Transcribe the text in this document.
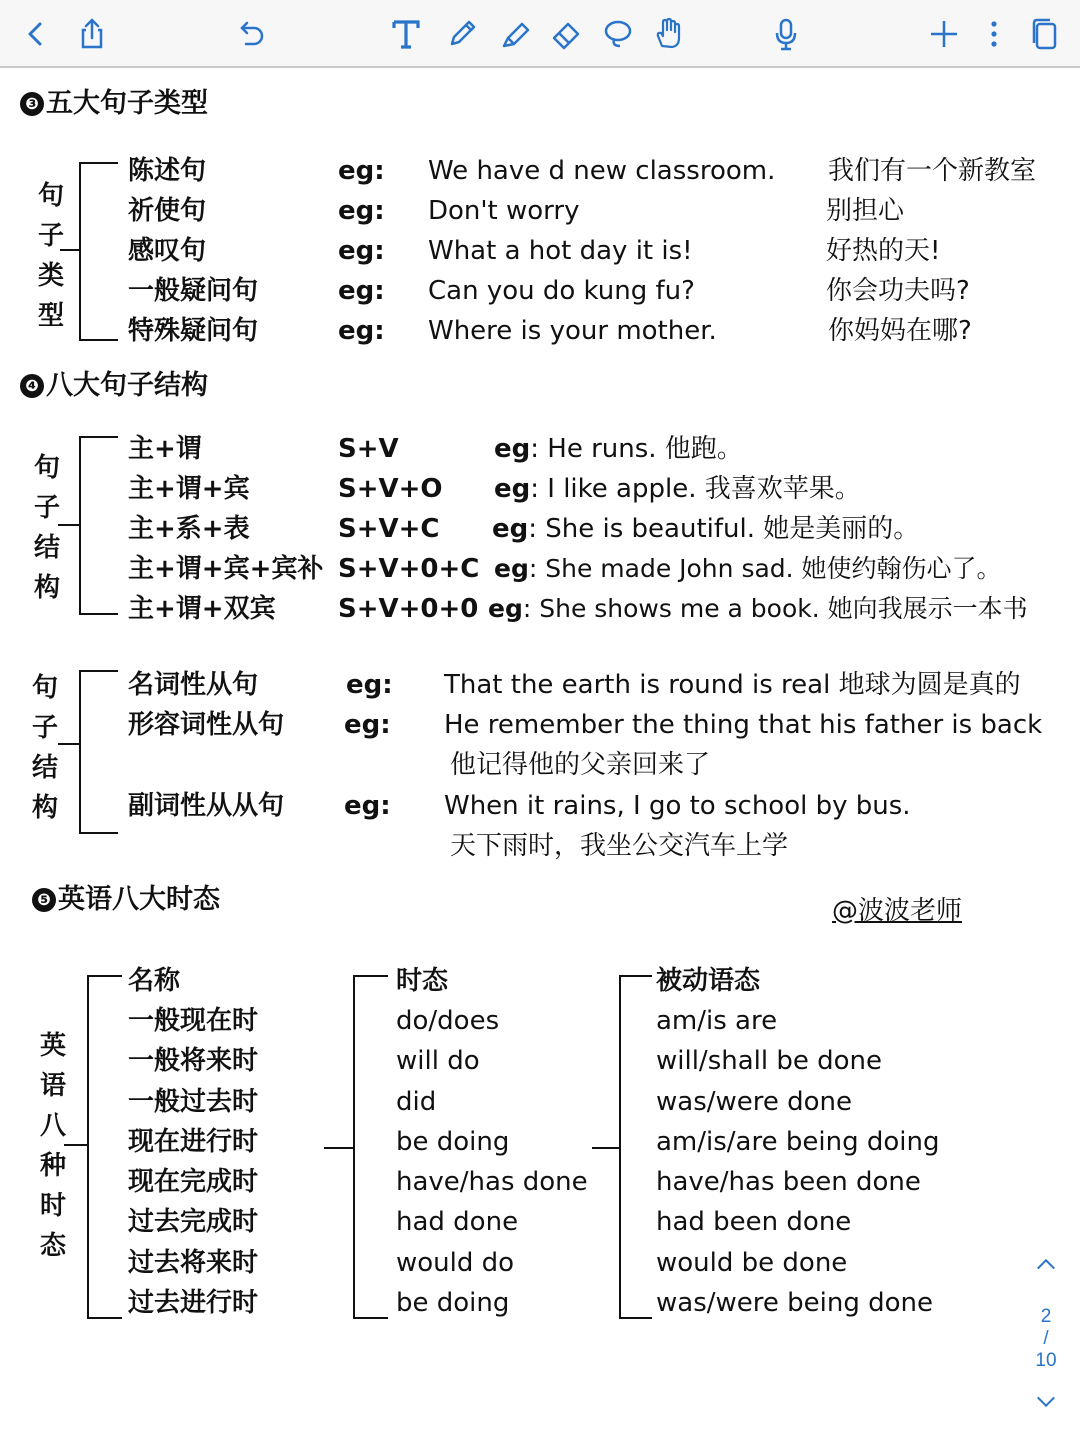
❸ 五大句子类型
句
子
类
型
陈述句	eg: We have d new classroom. 我们有一个新教室
祈使句	eg: Don't worry	别担心
感叹句	eg: What a hot day it is!	好热的天!
一般疑问句	eg: Can you do kung fu?	你会功夫吗?
特殊疑问句	eg: Where is your mother.	你妈妈在哪?
❹ 八大句子结构
句
子
结
构
主+谓	S+V	eg: He runs. 他跑。
主+谓+宾	S+V+O eg: I like apple. 我喜欢苹果。
主+系+表	S+V+C eg: She is beautiful. 她是美丽的。
主+谓+宾+宾补 S+V+0+C eg: She made John sad. 她使约翰伤心了。
主+谓+双宾 S+V+0+0 eg: She shows me a book. 她向我展示一本书
句
子
结
构
名词性从句	eg: That the earth is round is real 地球为圆是真的
形容词性从句 eg: He remember the thing that his father is back
他记得他的父亲回来了
副词性从从句 eg: When it rains, I go to school by bus.
天下雨时，我坐公交汽车上学
❺ 英语八大时态	@波波老师
英
语
八
种
时
态
名称	时态	被动语态
一般现在时	do/does	am/is are
一般将来时	will do	will/shall be done
一般过去时	did	was/were done
现在进行时	be doing	am/is/are being doing
现在完成时	have/has done	have/has been done
过去完成时	had done	had been done
过去将来时	would do	would be done
过去进行时	be doing	was/were being done	2
/
10
